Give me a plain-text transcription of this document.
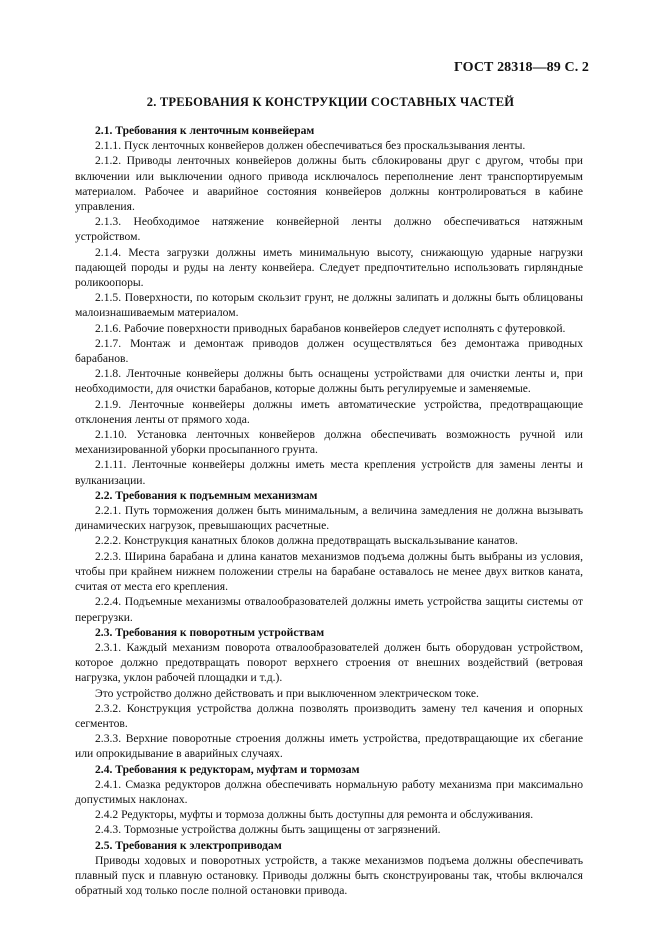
ГОСТ 28318—89 С. 2
2. ТРЕБОВАНИЯ К КОНСТРУКЦИИ СОСТАВНЫХ ЧАСТЕЙ

2.1. Требования к ленточным конвейерам

2.1.1. Пуск ленточных конвейеров должен обеспечиваться без проскальзывания ленты.

2.1.2. Приводы ленточных конвейеров должны быть сблокированы друг с другом, чтобы при включении или выключении одного привода исключалось переполнение лент транспортируемым материалом. Рабочее и аварийное состояния конвейеров должны контролироваться в кабине управления.

2.1.3. Необходимое натяжение конвейерной ленты должно обеспечиваться натяжным устройством.

2.1.4. Места загрузки должны иметь минимальную высоту, снижающую ударные нагрузки падающей породы и руды на ленту конвейера. Следует предпочтительно использовать гирляндные роликоопоры.

2.1.5. Поверхности, по которым скользит грунт, не должны залипать и должны быть облицованы малоизнашиваемым материалом.

2.1.6. Рабочие поверхности приводных барабанов конвейеров следует исполнять с футеровкой.

2.1.7. Монтаж и демонтаж приводов должен осуществляться без демонтажа приводных барабанов.

2.1.8. Ленточные конвейеры должны быть оснащены устройствами для очистки ленты и, при необходимости, для очистки барабанов, которые должны быть регулируемые и заменяемые.

2.1.9. Ленточные конвейеры должны иметь автоматические устройства, предотвращающие отклонения ленты от прямого хода.

2.1.10. Установка ленточных конвейеров должна обеспечивать возможность ручной или механизированной уборки просыпанного грунта.

2.1.11. Ленточные конвейеры должны иметь места крепления устройств для замены ленты и вулканизации.

2.2. Требования к подъемным механизмам

2.2.1. Путь торможения должен быть минимальным, а величина замедления не должна вызывать динамических нагрузок, превышающих расчетные.

2.2.2. Конструкция канатных блоков должна предотвращать выскальзывание канатов.

2.2.3. Ширина барабана и длина канатов механизмов подъема должны быть выбраны из условия, чтобы при крайнем нижнем положении стрелы на барабане оставалось не менее двух витков каната, считая от места его крепления.

2.2.4. Подъемные механизмы отвалообразователей должны иметь устройства защиты системы от перегрузки.

2.3. Требования к поворотным устройствам

2.3.1. Каждый механизм поворота отвалообразователей должен быть оборудован устройством, которое должно предотвращать поворот верхнего строения от внешних воздействий (ветровая нагрузка, уклон рабочей площадки и т.д.).

Это устройство должно действовать и при выключенном электрическом токе.

2.3.2. Конструкция устройства должна позволять производить замену тел качения и опорных сегментов.

2.3.3. Верхние поворотные строения должны иметь устройства, предотвращающие их сбегание или опрокидывание в аварийных случаях.

2.4. Требования к редукторам, муфтам и тормозам

2.4.1. Смазка редукторов должна обеспечивать нормальную работу механизма при максимально допустимых наклонах.

2.4.2 Редукторы, муфты и тормоза должны быть доступны для ремонта и обслуживания.

2.4.3. Тормозные устройства должны быть защищены от загрязнений.

2.5. Требования к электроприводам

Приводы ходовых и поворотных устройств, а также механизмов подъема должны обеспечивать плавный пуск и плавную остановку. Приводы должны быть сконструированы так, чтобы включался обратный ход только после полной остановки привода.
